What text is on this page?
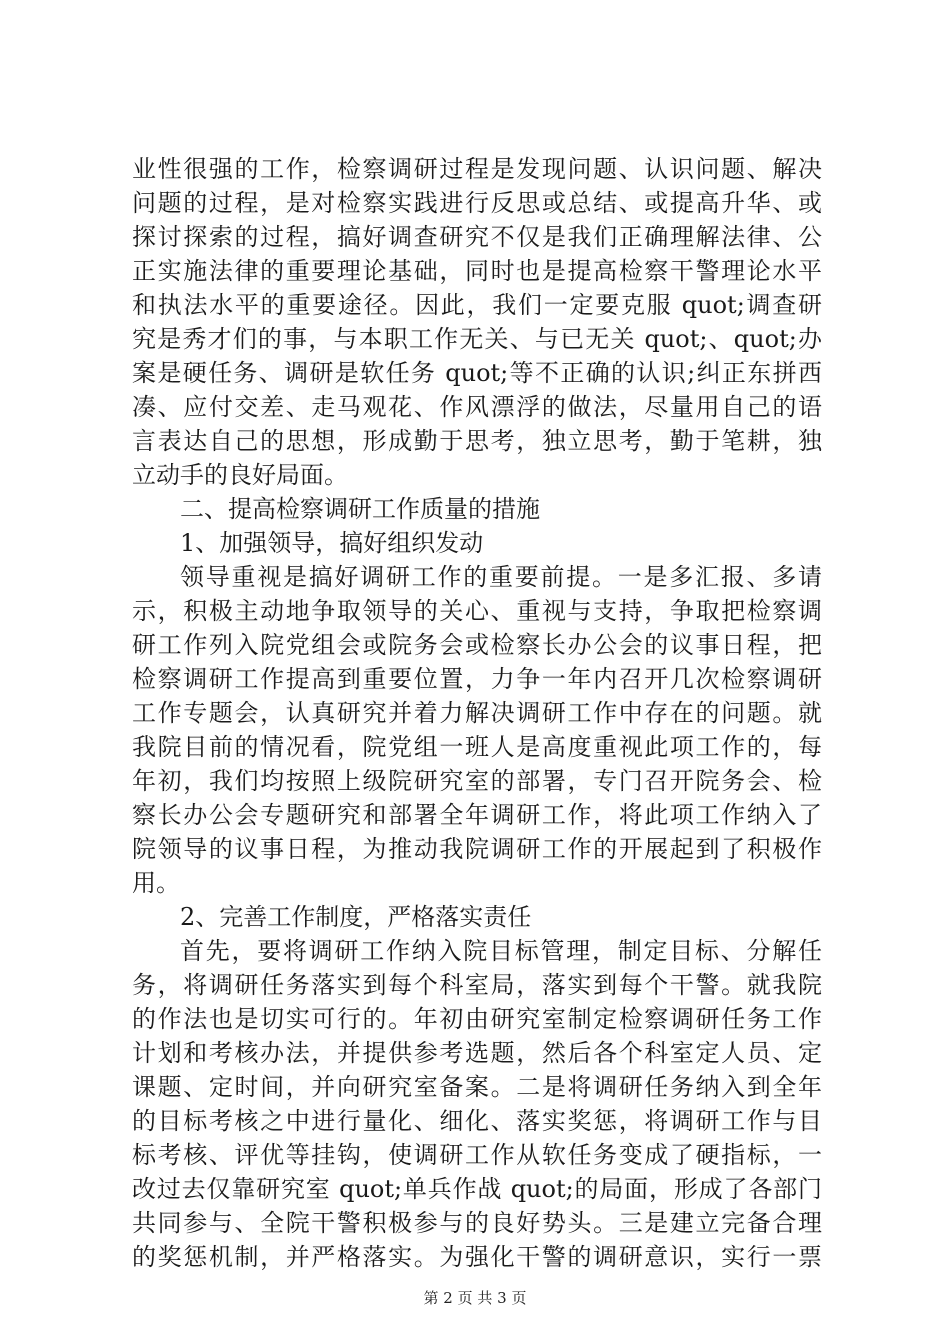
业性很强的工作，检察调研过程是发现问题、认识问题、解决
问题的过程，是对检察实践进行反思或总结、或提高升华、或
探讨探索的过程，搞好调查研究不仅是我们正确理解法律、公
正实施法律的重要理论基础，同时也是提高检察干警理论水平
和执法水平的重要途径。因此，我们一定要克服 quot;调查研
究是秀才们的事，与本职工作无关、与已无关 quot;、quot;办
案是硬任务、调研是软任务 quot;等不正确的认识;纠正东拼西
凑、应付交差、走马观花、作风漂浮的做法，尽量用自己的语
言表达自己的思想，形成勤于思考，独立思考，勤于笔耕，独
立动手的良好局面。
二、提高检察调研工作质量的措施
1、加强领导，搞好组织发动
领导重视是搞好调研工作的重要前提。一是多汇报、多请
示，积极主动地争取领导的关心、重视与支持，争取把检察调
研工作列入院党组会或院务会或检察长办公会的议事日程，把
检察调研工作提高到重要位置，力争一年内召开几次检察调研
工作专题会，认真研究并着力解决调研工作中存在的问题。就
我院目前的情况看，院党组一班人是高度重视此项工作的，每
年初，我们均按照上级院研究室的部署，专门召开院务会、检
察长办公会专题研究和部署全年调研工作，将此项工作纳入了
院领导的议事日程，为推动我院调研工作的开展起到了积极作
用。
2、完善工作制度，严格落实责任
首先，要将调研工作纳入院目标管理，制定目标、分解任
务，将调研任务落实到每个科室局，落实到每个干警。就我院
的作法也是切实可行的。年初由研究室制定检察调研任务工作
计划和考核办法，并提供参考选题，然后各个科室定人员、定
课题、定时间，并向研究室备案。二是将调研任务纳入到全年
的目标考核之中进行量化、细化、落实奖惩，将调研工作与目
标考核、评优等挂钩，使调研工作从软任务变成了硬指标，一
改过去仅靠研究室 quot;单兵作战 quot;的局面，形成了各部门
共同参与、全院干警积极参与的良好势头。三是建立完备合理
的奖惩机制，并严格落实。为强化干警的调研意识，实行一票
第 2 页 共 3 页
